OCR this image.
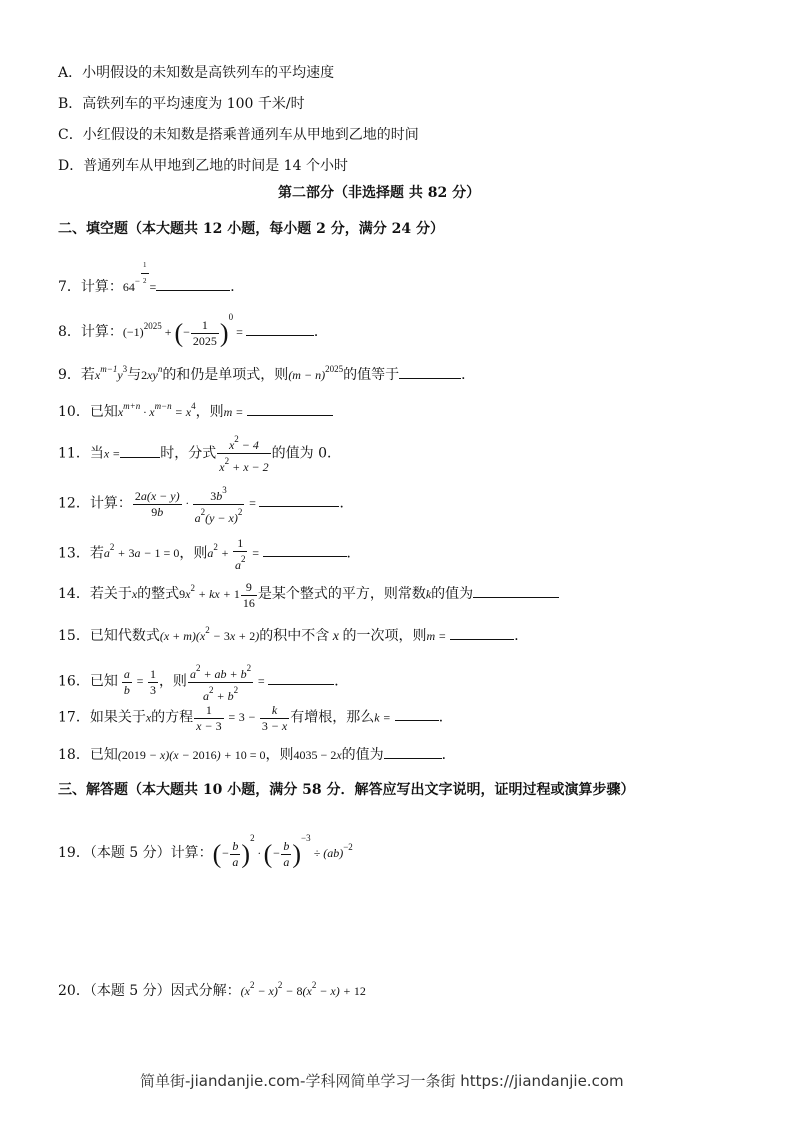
A．小明假设的未知数是高铁列车的平均速度
B．高铁列车的平均速度为 100 千米/时
C．小红假设的未知数是搭乘普通列车从甲地到乙地的时间
D．普通列车从甲地到乙地的时间是 14 个小时
第二部分（非选择题 共 82 分）
二、填空题（本大题共 12 小题，每小题 2 分，满分 24 分）
7．计算：$64^{- \frac{1}{2}}$ =	．
8．计算：$(-1)^{2025}$ + (− $\frac{1}{2025} )^0$ =	．
9．若$x^{m-1}y^3$与$2xy^n$的和仍是单项式，则$(m - n)^{2025}$的值等于	．
10．已知$x^{m+n} \cdot x^{m-n} = x^4$，则m =
11．当x =	时，分式 $\frac{x^2 - 4}{x^2 + x - 2}$ 的值为 0．
12．计算： $\frac{2a(x - y)}{9b} \cdot \frac{3b^3}{a^2(y - x)^2}$ =	．
13．若$a^2 + 3a - 1 = 0$，则$a^2 + \frac{1}{a^2}$ =	．
14．若关于x的整式$9x^2$ + kx + $1 \frac{9}{16}$ 是某个整式的平方，则常数k的值为
15．已知代数式$(x + m)(x^2 - 3x + 2)$的积中不含 x 的一次项，则m =	．
16．已知 $\frac{a}{b} = \frac{1}{3}$ ，则 $\frac{a^2 + ab + b^2}{a^2 + b^2}$ =	．
17．如果关于x的方程 $\frac{1}{x - 3} = 3 - \frac{k}{3 - x}$ 有增根，那么k =	．
18．已知(2019 − x)(x − 2016) + 10 = 0，则4035 − 2x的值为	．
三、解答题（本大题共 10 小题，满分 58 分．解答应写出文字说明，证明过程或演算步骤）
19．（本题 5 分）计算：(− $\frac{b}{a} )^2$ · (− $\frac{b}{a} )^{-3} \div (ab)^{-2}$
20．（本题 5 分）因式分解：$(x^2 - x)^2 - 8(x^2 - x) + 12$
简单街-jiandanjie.com-学科网简单学习一条街 https://jiandanjie.com
